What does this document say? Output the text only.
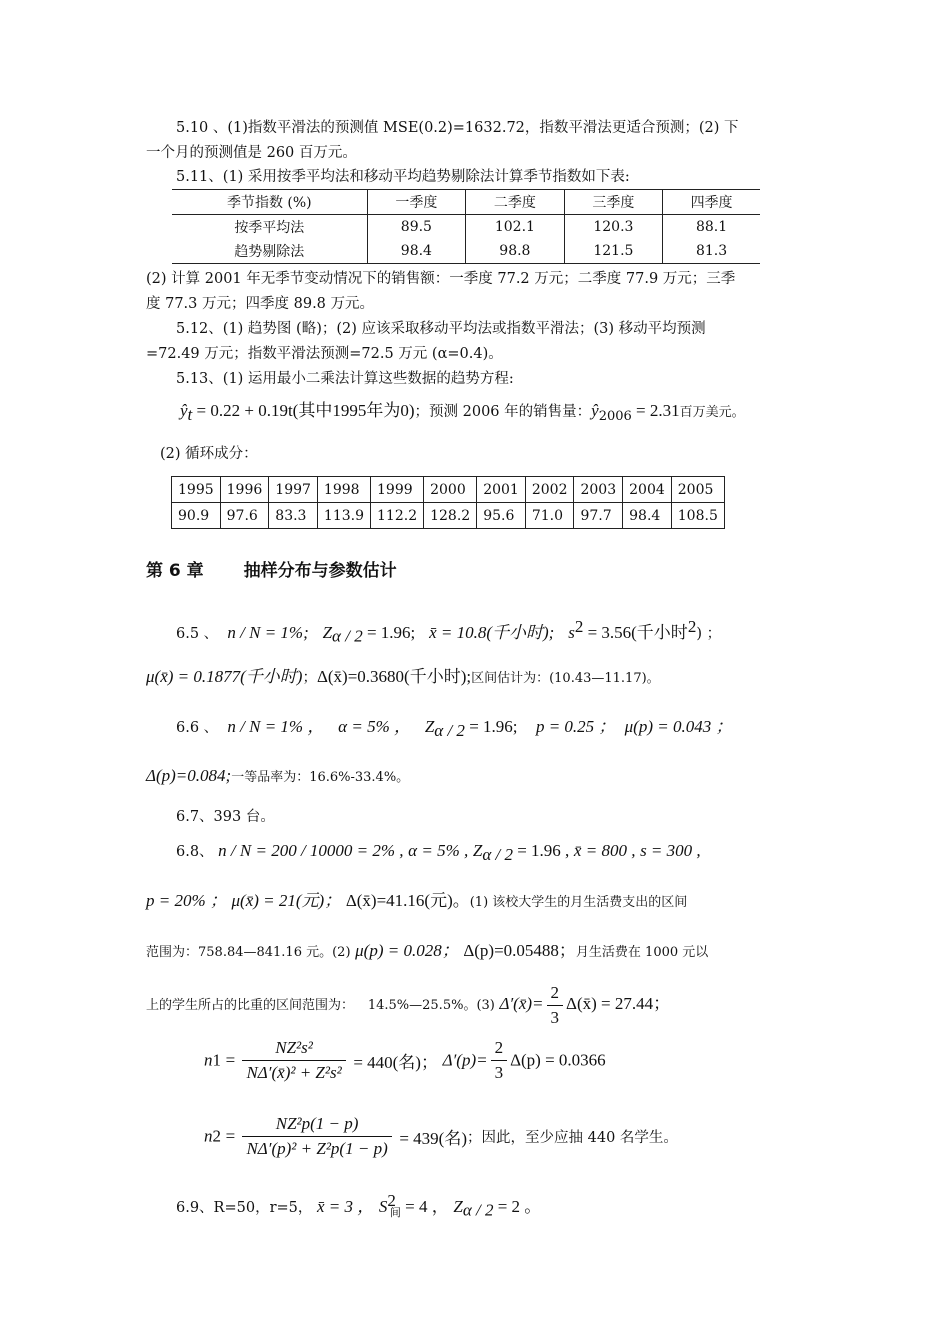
5.10 、(1)指数平滑法的预测值 MSE(0.2)=1632.72，指数平滑法更适合预测；(2) 下
一个月的预测值是 260 百万元。
5.11、(1) 采用按季平均法和移动平均趋势剔除法计算季节指数如下表:
季节指数 (%)	一季度	二季度	三季度	四季度
按季平均法	89.5	102.1	120.3	88.1
趋势剔除法	98.4	98.8	121.5	81.3
(2) 计算 2001 年无季节变动情况下的销售额：一季度 77.2 万元；二季度 77.9 万元；三季
度 77.3 万元；四季度 89.8 万元。
5.12、(1) 趋势图 (略)；(2) 应该采取移动平均法或指数平滑法；(3) 移动平均预测
=72.49 万元；指数平滑法预测=72.5 万元 (α=0.4)。
5.13、(1) 运用最小二乘法计算这些数据的趋势方程:
$ŷ_t = 0.22 + 0.19t$(其中1995年为0)；预测 2006 年的销售量：$ŷ_{2006} = 2.31$百万美元。
(2) 循环成分：
1995	1996	1997	1998	1999	2000	2001	2002	2003	2004	2005
90.9	97.6	83.3	113.9	112.2	128.2	95.6	71.0	97.7	98.4	108.5
第 6 章 抽样分布与参数估计
6.5 、 n / N = 1%; $Z_{\alpha / 2} = 1.96$; x̄ = 10.8(千小时); $s^2 = 3.56$(千小时$^2$) ；
μ(x̄) = 0.1877(千小时)；Δ(x̄)=0.3680(千小时);区间估计为：(10.43—11.17)。
6.6 、 n / N = 1% ， α = 5% ， $Z_{\alpha / 2} = 1.96$; p = 0.25 ； μ(p) = 0.043 ；
Δ(p)=0.084;一等品率为：16.6%-33.4%。
6.7、393 台。
6.8、 n / N = 200 / 10000 = 2% , α = 5% , $Z_{\alpha / 2} = 1.96$ , x̄ = 800 , s = 300 ,
p = 20% ； μ(x̄) = 21(元)； Δ(x̄)=41.16(元)。(1) 该校大学生的月生活费支出的区间
范围为：758.84—841.16 元。(2) μ(p) = 0.028； Δ(p)=0.05488；月生活费在 1000 元以
上的学生所占的比重的区间范围为： 14.5%—25.5%。(3) Δ′(x̄)= $\frac{2}{3}$ Δ(x̄) = 27.44；
$n1 = \frac{\text{NZ²s²}}{\text{NΔ′(x̄)² + Z²s²}} = 440$(名)； $\Delta'(p)= \frac{2}{3} \Delta(p) = 0.0366$
$n2 = \frac{\text{NZ²p(1 − p)}}{\text{NΔ′(p)² + Z²p(1 − p)}} = 439$(名)；因此，至少应抽 440 名学生。
6.9、R=50，r=5， x̄ = 3 ， $S^2_间 = 4$ ， $Z_{\alpha / 2} = 2$ 。
